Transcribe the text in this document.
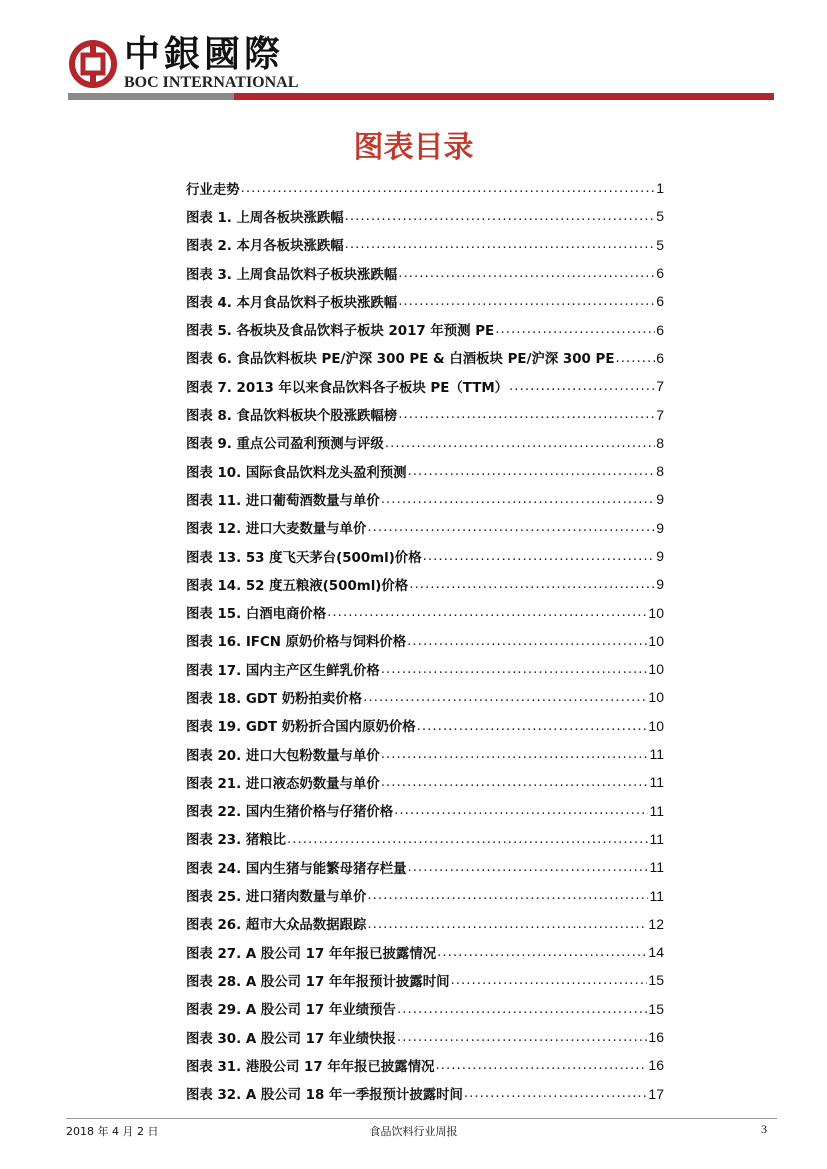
中銀國際
BOC INTERNATIONAL
图表目录
行业走势 .....	1
图表 1. 上周各板块涨跌幅 .....	5
图表 2. 本月各板块涨跌幅 .....	5
图表 3. 上周食品饮料子板块涨跌幅 .....	6
图表 4. 本月食品饮料子板块涨跌幅 .....	6
图表 5. 各板块及食品饮料子板块 2017 年预测 PE .....	6
图表 6. 食品饮料板块 PE/沪深 300 PE & 白酒板块 PE/沪深 300 PE .....	6
图表 7. 2013 年以来食品饮料各子板块 PE（TTM） .....	7
图表 8. 食品饮料板块个股涨跌幅榜 .....	7
图表 9. 重点公司盈利预测与评级 .....	8
图表 10. 国际食品饮料龙头盈利预测 .....	8
图表 11. 进口葡萄酒数量与单价 .....	9
图表 12. 进口大麦数量与单价 .....	9
图表 13. 53 度飞天茅台(500ml)价格 .....	9
图表 14. 52 度五粮液(500ml)价格 .....	9
图表 15. 白酒电商价格 .....	10
图表 16. IFCN 原奶价格与饲料价格 .....	10
图表 17. 国内主产区生鲜乳价格 .....	10
图表 18. GDT 奶粉拍卖价格 .....	10
图表 19. GDT 奶粉折合国内原奶价格 .....	10
图表 20. 进口大包粉数量与单价 .....	11
图表 21. 进口液态奶数量与单价 .....	11
图表 22. 国内生猪价格与仔猪价格 .....	11
图表 23. 猪粮比 .....	11
图表 24. 国内生猪与能繁母猪存栏量 .....	11
图表 25. 进口猪肉数量与单价 .....	11
图表 26. 超市大众品数据跟踪 .....	12
图表 27. A 股公司 17 年年报已披露情况 .....	14
图表 28. A 股公司 17 年年报预计披露时间 .....	15
图表 29. A 股公司 17 年业绩预告 .....	15
图表 30. A 股公司 17 年业绩快报 .....	16
图表 31. 港股公司 17 年年报已披露情况 .....	16
图表 32. A 股公司 18 年一季报预计披露时间 .....	17
2018 年 4 月 2 日	食品饮料行业周报	3
